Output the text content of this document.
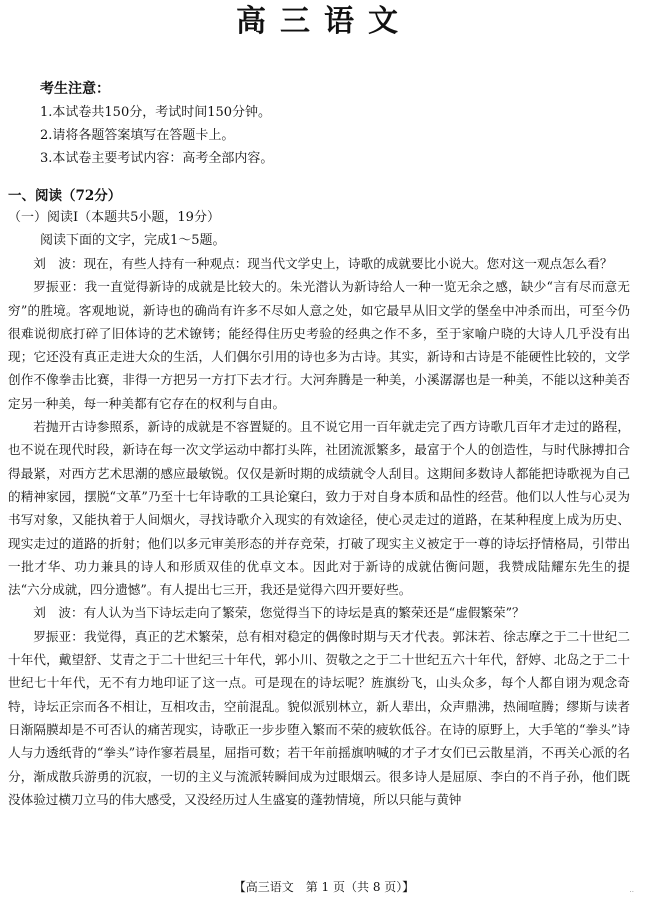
高三语文
考生注意：
1.本试卷共150分，考试时间150分钟。
2.请将各题答案填写在答题卡上。
3.本试卷主要考试内容：高考全部内容。
一、阅读（72分）
（一）阅读Ⅰ（本题共5小题，19分）
阅读下面的文字，完成1～5题。

刘　波：现在，有些人持有一种观点：现当代文学史上，诗歌的成就要比小说大。您对这一观点怎么看？

罗振亚：我一直觉得新诗的成就是比较大的。朱光潜认为新诗给人一种一览无余之感，缺少“言有尽而意无穷”的胜境。客观地说，新诗也的确尚有许多不尽如人意之处，如它最早从旧文学的堡垒中冲杀而出，可至今仍很难说彻底打碎了旧体诗的艺术镣铐；能经得住历史考验的经典之作不多，至于家喻户晓的大诗人几乎没有出现；它还没有真正走进大众的生活，人们偶尔引用的诗也多为古诗。其实，新诗和古诗是不能硬性比较的，文学创作不像拳击比赛，非得一方把另一方打下去才行。大河奔腾是一种美，小溪潺潺也是一种美，不能以这种美否定另一种美，每一种美都有它存在的权利与自由。

若抛开古诗参照系，新诗的成就是不容置疑的。且不说它用一百年就走完了西方诗歌几百年才走过的路程，也不说在现代时段，新诗在每一次文学运动中都打头阵，社团流派繁多，最富于个人的创造性，与时代脉搏扣合得最紧，对西方艺术思潮的感应最敏锐。仅仅是新时期的成绩就令人刮目。这期间多数诗人都能把诗歌视为自己的精神家园，摆脱“文革”乃至十七年诗歌的工具论窠臼，致力于对自身本质和品性的经营。他们以人性与心灵为书写对象，又能执着于人间烟火，寻找诗歌介入现实的有效途径，使心灵走过的道路，在某种程度上成为历史、现实走过的道路的折射；他们以多元审美形态的并存竞荣，打破了现实主义被定于一尊的诗坛抒情格局，引带出一批才华、功力兼具的诗人和形质双佳的优卓文本。因此对于新诗的成就估衡问题，我赞成陆耀东先生的提法“六分成就，四分遗憾”。有人提出七三开，我还是觉得六四开要好些。

刘　波：有人认为当下诗坛走向了繁荣，您觉得当下的诗坛是真的繁荣还是“虚假繁荣”？

罗振亚：我觉得，真正的艺术繁荣，总有相对稳定的偶像时期与天才代表。郭沫若、徐志摩之于二十世纪二十年代，戴望舒、艾青之于二十世纪三十年代，郭小川、贺敬之之于二十世纪五六十年代，舒婷、北岛之于二十世纪七十年代，无不有力地印证了这一点。可是现在的诗坛呢？旌旗纷飞，山头众多，每个人都自诩为观念奇特，诗坛正宗而各不相让，互相攻击，空前混乱。貌似派别林立，新人辈出，众声鼎沸，热闹喧腾；缪斯与读者日渐隔膜却是不可否认的痛苦现实，诗歌正一步步堕入繁而不荣的疲软低谷。在诗的原野上，大手笔的“拳头”诗人与力透纸背的“拳头”诗作寥若晨星，屈指可数；若干年前摇旗呐喊的才子才女们已云散星消，不再关心派的名分，渐成散兵游勇的沉寂，一切的主义与流派转瞬间成为过眼烟云。很多诗人是屈原、李白的不肖子孙，他们既没体验过横刀立马的伟大感受，又没经历过人生盛宴的蓬勃情境，所以只能与黄钟

【高三语文　第 1 页（共 8 页）】	··
